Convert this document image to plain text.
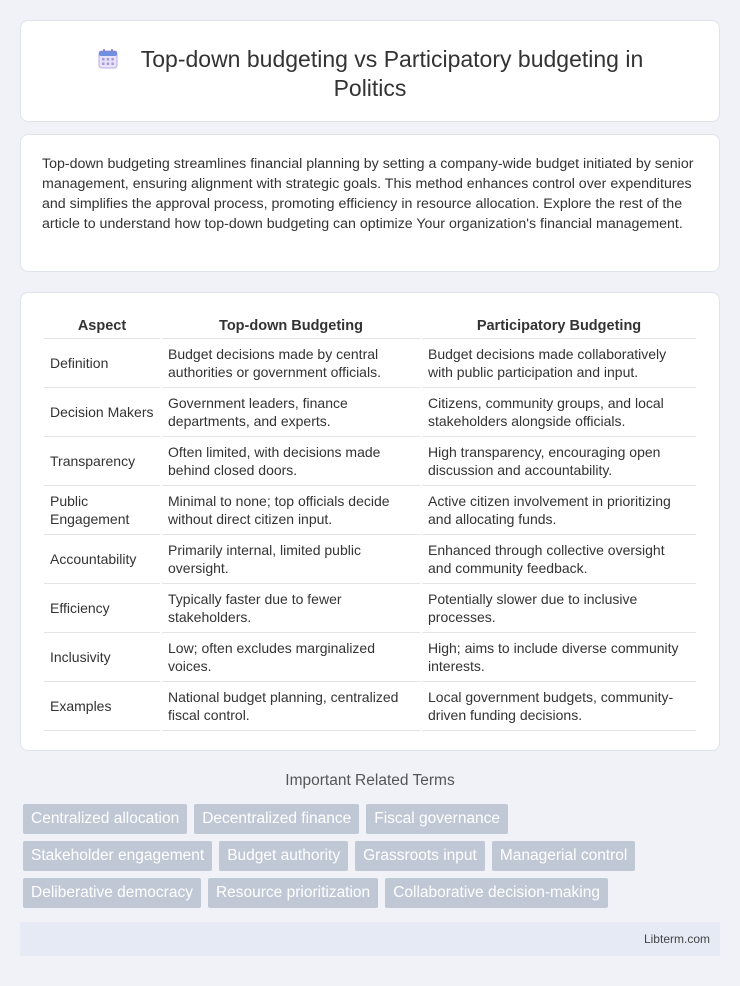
Top-down budgeting vs Participatory budgeting in Politics

Top-down budgeting streamlines financial planning by setting a company-wide budget initiated by senior management, ensuring alignment with strategic goals. This method enhances control over expenditures and simplifies the approval process, promoting efficiency in resource allocation. Explore the rest of the article to understand how top-down budgeting can optimize Your organization's financial management.

Aspect	Top-down Budgeting	Participatory Budgeting
Definition	Budget decisions made by central authorities or government officials.	Budget decisions made collaboratively with public participation and input.
Decision Makers	Government leaders, finance departments, and experts.	Citizens, community groups, and local stakeholders alongside officials.
Transparency	Often limited, with decisions made behind closed doors.	High transparency, encouraging open discussion and accountability.
Public Engagement	Minimal to none; top officials decide without direct citizen input.	Active citizen involvement in prioritizing and allocating funds.
Accountability	Primarily internal, limited public oversight.	Enhanced through collective oversight and community feedback.
Efficiency	Typically faster due to fewer stakeholders.	Potentially slower due to inclusive processes.
Inclusivity	Low; often excludes marginalized voices.	High; aims to include diverse community interests.
Examples	National budget planning, centralized fiscal control.	Local government budgets, community-driven funding decisions.
Important Related Terms
Centralized allocation	Decentralized finance	Fiscal governance
Stakeholder engagement	Budget authority	Grassroots input	Managerial control
Deliberative democracy	Resource prioritization	Collaborative decision-making
Libterm.com
